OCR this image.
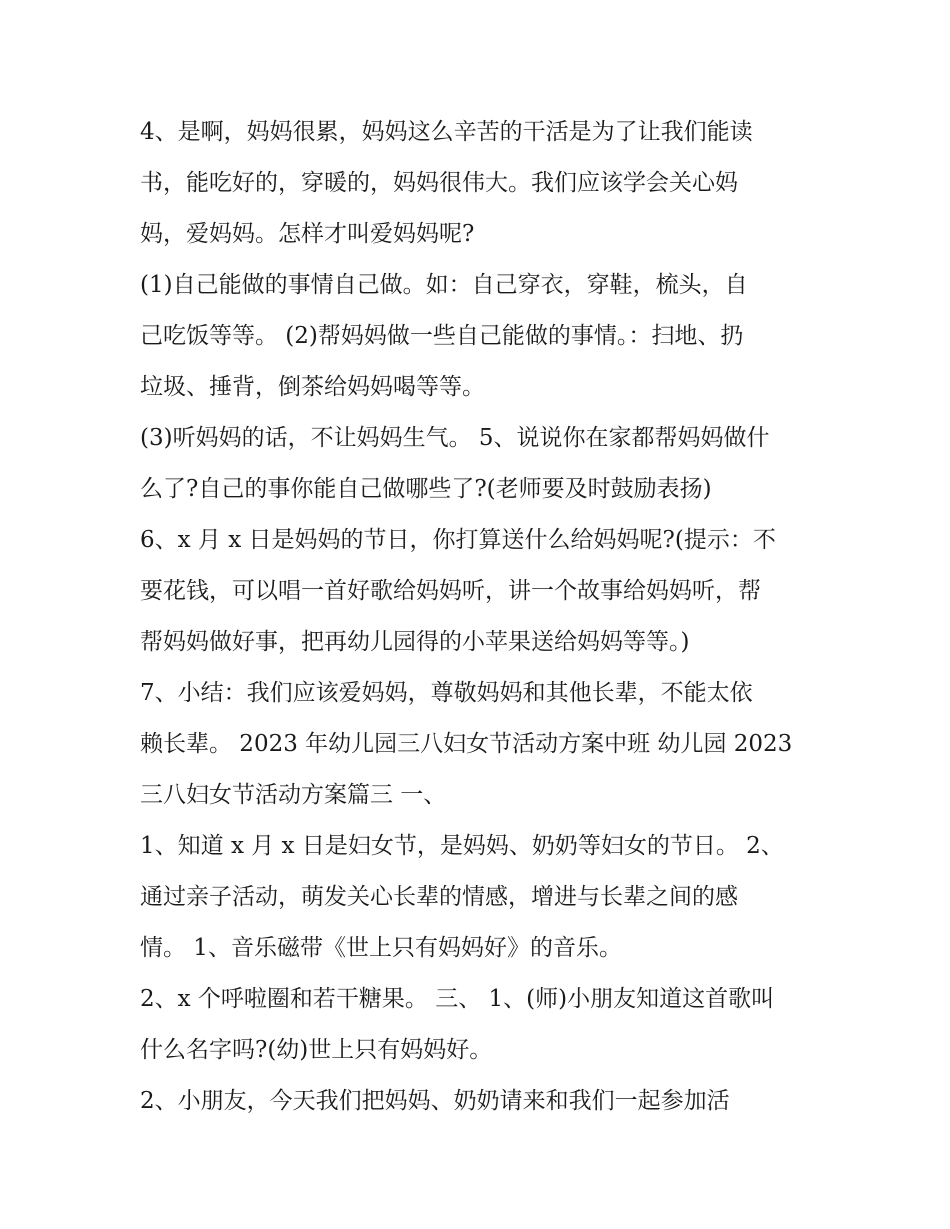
4、是啊，妈妈很累，妈妈这么辛苦的干活是为了让我们能读
书，能吃好的，穿暖的，妈妈很伟大。我们应该学会关心妈
妈，爱妈妈。怎样才叫爱妈妈呢?

(1)自己能做的事情自己做。如：自己穿衣，穿鞋，梳头，自
己吃饭等等。 (2)帮妈妈做一些自己能做的事情。：扫地、扔
垃圾、捶背，倒茶给妈妈喝等等。

(3)听妈妈的话，不让妈妈生气。 5、说说你在家都帮妈妈做什
么了?自己的事你能自己做哪些了?(老师要及时鼓励表扬)

6、x 月 x 日是妈妈的节日，你打算送什么给妈妈呢?(提示：不
要花钱，可以唱一首好歌给妈妈听，讲一个故事给妈妈听，帮
帮妈妈做好事，把再幼儿园得的小苹果送给妈妈等等。)

7、小结：我们应该爱妈妈，尊敬妈妈和其他长辈，不能太依
赖长辈。 2023 年幼儿园三八妇女节活动方案中班 幼儿园 2023
三八妇女节活动方案篇三 一、

1、知道 x 月 x 日是妇女节，是妈妈、奶奶等妇女的节日。 2、
通过亲子活动，萌发关心长辈的情感，增进与长辈之间的感
情。 1、音乐磁带《世上只有妈妈好》的音乐。

2、x 个呼啦圈和若干糖果。 三、 1、(师)小朋友知道这首歌叫
什么名字吗?(幼)世上只有妈妈好。

2、小朋友，今天我们把妈妈、奶奶请来和我们一起参加活
